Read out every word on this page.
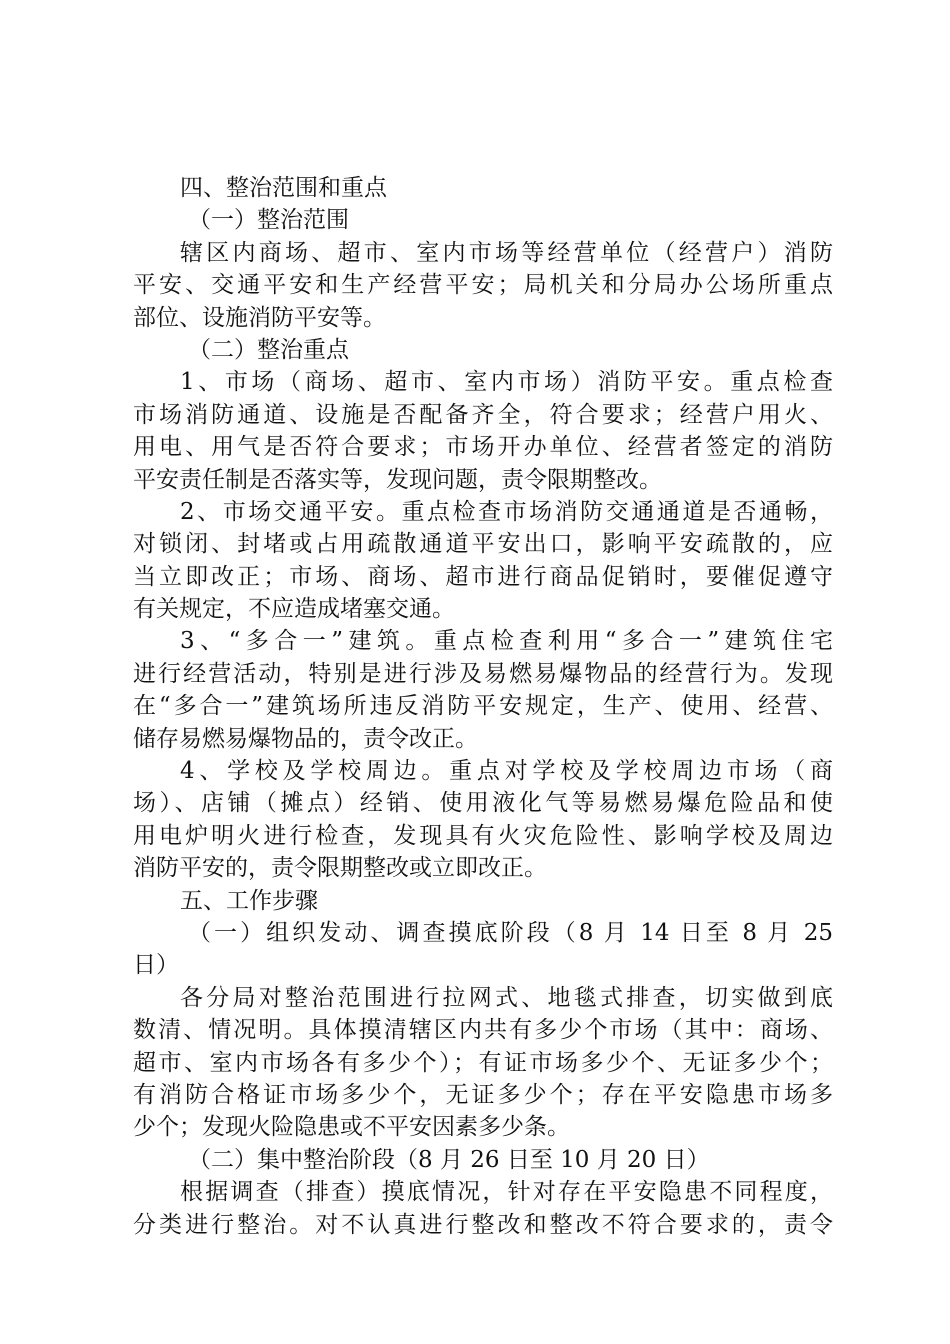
四、整治范围和重点
（一）整治范围
辖区内商场、超市、室内市场等经营单位（经营户）消防
平安、交通平安和生产经营平安；局机关和分局办公场所重点
部位、设施消防平安等。
（二）整治重点
1、市场（商场、超市、室内市场）消防平安。重点检查
市场消防通道、设施是否配备齐全，符合要求；经营户用火、
用电、用气是否符合要求；市场开办单位、经营者签定的消防
平安责任制是否落实等，发现问题，责令限期整改。
2、市场交通平安。重点检查市场消防交通通道是否通畅，
对锁闭、封堵或占用疏散通道平安出口，影响平安疏散的，应
当立即改正；市场、商场、超市进行商品促销时，要催促遵守
有关规定，不应造成堵塞交通。
3、“多合一”建筑。重点检查利用“多合一”建筑住宅
进行经营活动，特别是进行涉及易燃易爆物品的经营行为。发现
在“多合一”建筑场所违反消防平安规定，生产、使用、经营、
储存易燃易爆物品的，责令改正。
4、学校及学校周边。重点对学校及学校周边市场（商
场）、店铺（摊点）经销、使用液化气等易燃易爆危险品和使
用电炉明火进行检查，发现具有火灾危险性、影响学校及周边
消防平安的，责令限期整改或立即改正。
五、工作步骤
（一）组织发动、调查摸底阶段（8 月 14 日至 8 月 25
日）
各分局对整治范围进行拉网式、地毯式排查，切实做到底
数清、情况明。具体摸清辖区内共有多少个市场（其中：商场、
超市、室内市场各有多少个）；有证市场多少个、无证多少个；
有消防合格证市场多少个，无证多少个；存在平安隐患市场多
少个；发现火险隐患或不平安因素多少条。
（二）集中整治阶段（8 月 26 日至 10 月 20 日）
根据调查（排查）摸底情况，针对存在平安隐患不同程度，
分类进行整治。对不认真进行整改和整改不符合要求的，责令
